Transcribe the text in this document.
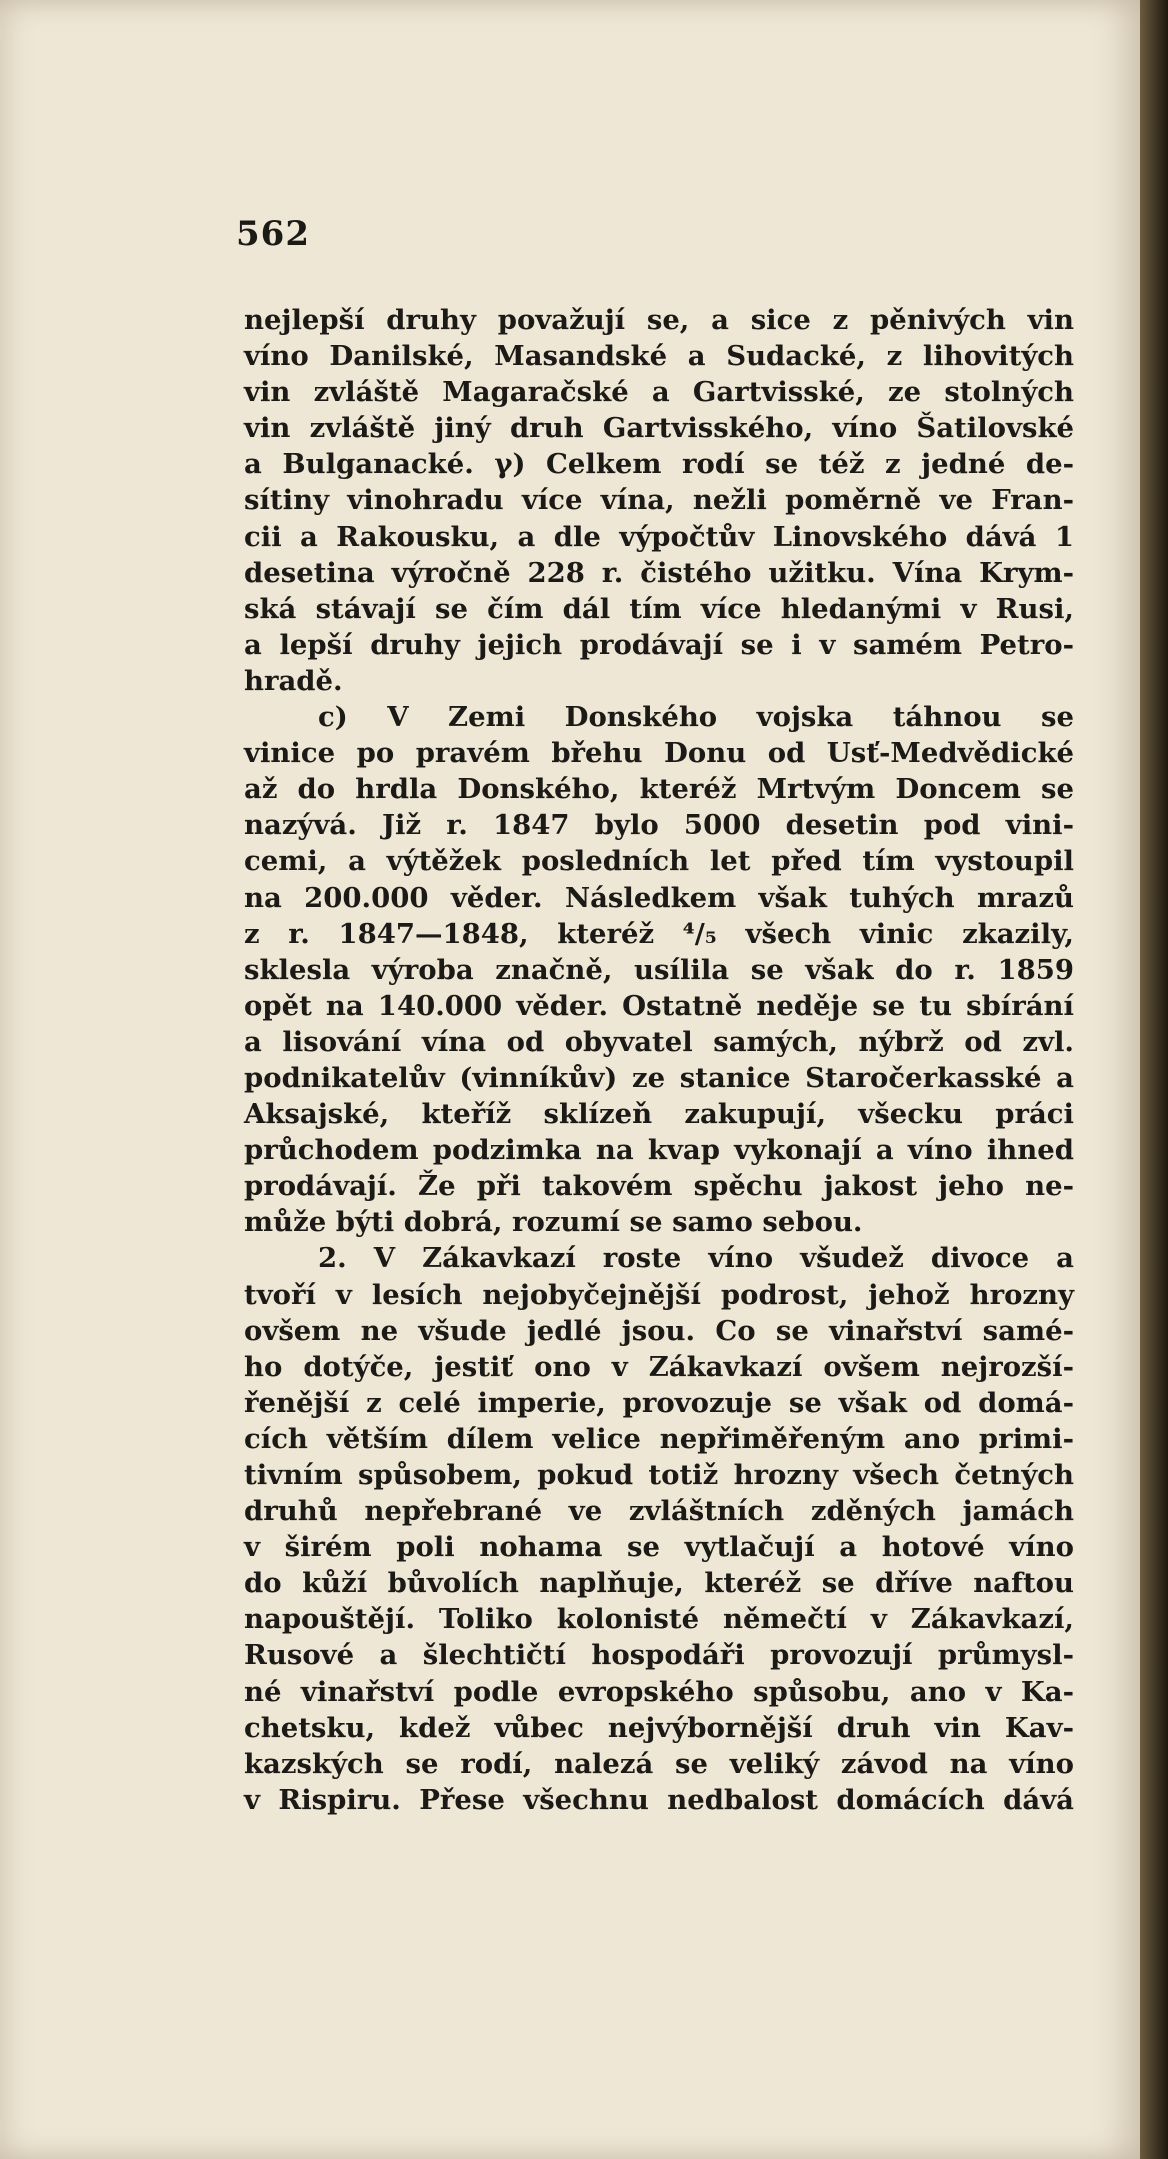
562
nejlepší druhy považují se, a sice z pěnivých vin
víno Danilské, Masandské a Sudacké, z lihovitých
vin zvláště Magaračské a Gartvisské, ze stolných
vin zvláště jiný druh Gartvisského, víno Šatilovské
a Bulganacké. γ) Celkem rodí se též z jedné de-
sítiny vinohradu více vína, nežli poměrně ve Fran-
cii a Rakousku, a dle výpočtův Linovského dává 1
desetina výročně 228 r. čistého užitku. Vína Krym-
ská stávají se čím dál tím více hledanými v Rusi,
a lepší druhy jejich prodávají se i v samém Petro-
hradě.
c) V Zemi Donského vojska táhnou se
vinice po pravém břehu Donu od Usť-Medvědické
až do hrdla Donského, kteréž Mrtvým Doncem se
nazývá. Již r. 1847 bylo 5000 desetin pod vini-
cemi, a výtěžek posledních let před tím vystoupil
na 200.000 věder. Následkem však tuhých mrazů
z r. 1847—1848, kteréž ⁴/₅ všech vinic zkazily,
sklesla výroba značně, usílila se však do r. 1859
opět na 140.000 věder. Ostatně neděje se tu sbírání
a lisování vína od obyvatel samých, nýbrž od zvl.
podnikatelův (vinníkův) ze stanice Staročerkasské a
Aksajské, kteříž sklízeň zakupují, všecku práci
průchodem podzimka na kvap vykonají a víno ihned
prodávají. Že při takovém spěchu jakost jeho ne-
může býti dobrá, rozumí se samo sebou.
2. V Zákavkazí roste víno všudež divoce a
tvoří v lesích nejobyčejnější podrost, jehož hrozny
ovšem ne všude jedlé jsou. Co se vinařství samé-
ho dotýče, jestiť ono v Zákavkazí ovšem nejrozší-
řenější z celé imperie, provozuje se však od domá-
cích větším dílem velice nepřiměřeným ano primi-
tivním spůsobem, pokud totiž hrozny všech četných
druhů nepřebrané ve zvláštních zděných jamách
v širém poli nohama se vytlačují a hotové víno
do kůží bůvolích naplňuje, kteréž se dříve naftou
napouštějí. Toliko kolonisté němečtí v Zákavkazí,
Rusové a šlechtičtí hospodáři provozují průmysl-
né vinařství podle evropského spůsobu, ano v Ka-
chetsku, kdež vůbec nejvýbornější druh vin Kav-
kazských se rodí, nalezá se veliký závod na víno
v Rispiru. Přese všechnu nedbalost domácích dává
